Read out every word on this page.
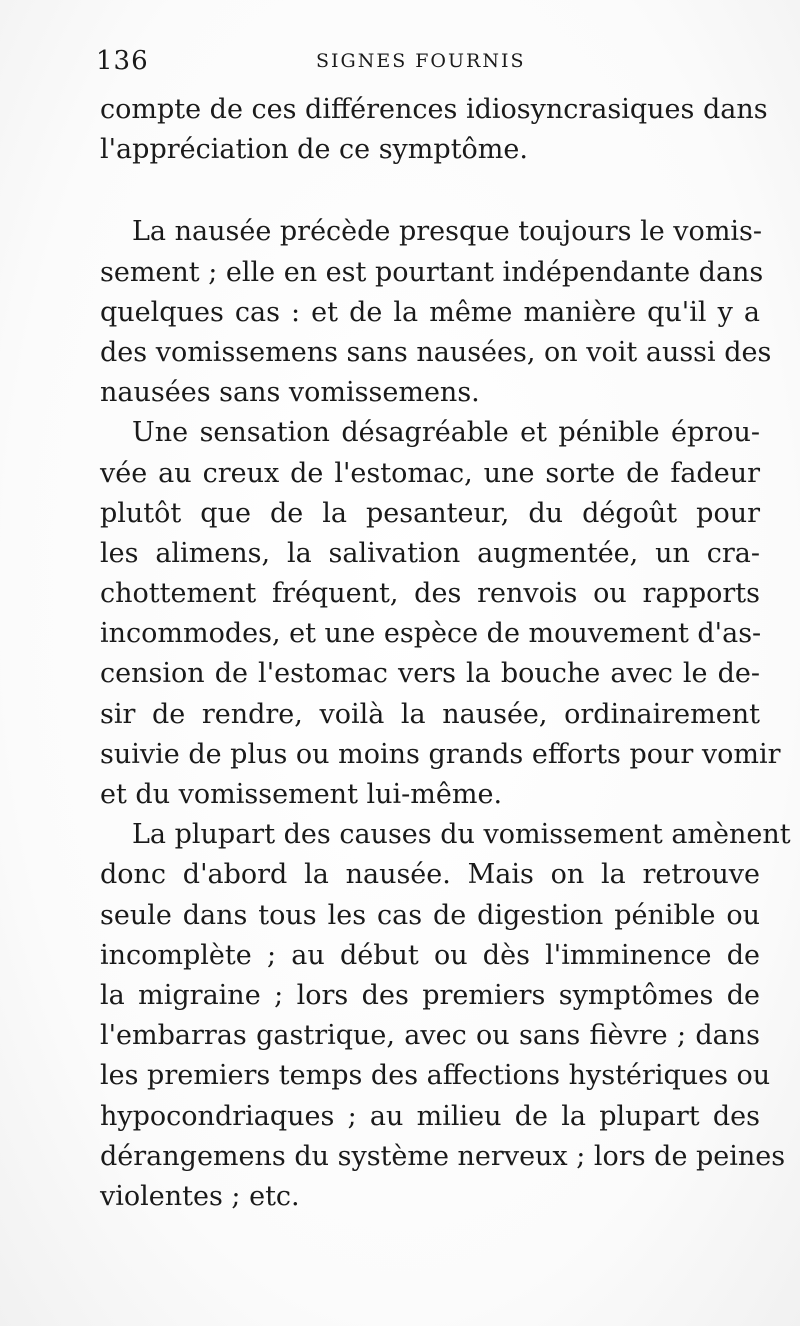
136	SIGNES FOURNIS
compte de ces différences idiosyncrasiques dans
l'appréciation de ce symptôme.
La nausée précède presque toujours le vomis-
sement ; elle en est pourtant indépendante dans
quelques cas : et de la même manière qu'il y a
des vomissemens sans nausées, on voit aussi des
nausées sans vomissemens.
Une sensation désagréable et pénible éprou-
vée au creux de l'estomac, une sorte de fadeur
plutôt que de la pesanteur, du dégoût pour
les alimens, la salivation augmentée, un cra-
chottement fréquent, des renvois ou rapports
incommodes, et une espèce de mouvement d'as-
cension de l'estomac vers la bouche avec le de-
sir de rendre, voilà la nausée, ordinairement
suivie de plus ou moins grands efforts pour vomir
et du vomissement lui-même.
La plupart des causes du vomissement amènent
donc d'abord la nausée. Mais on la retrouve
seule dans tous les cas de digestion pénible ou
incomplète ; au début ou dès l'imminence de
la migraine ; lors des premiers symptômes de
l'embarras gastrique, avec ou sans fièvre ; dans
les premiers temps des affections hystériques ou
hypocondriaques ; au milieu de la plupart des
dérangemens du système nerveux ; lors de peines
violentes ; etc.
